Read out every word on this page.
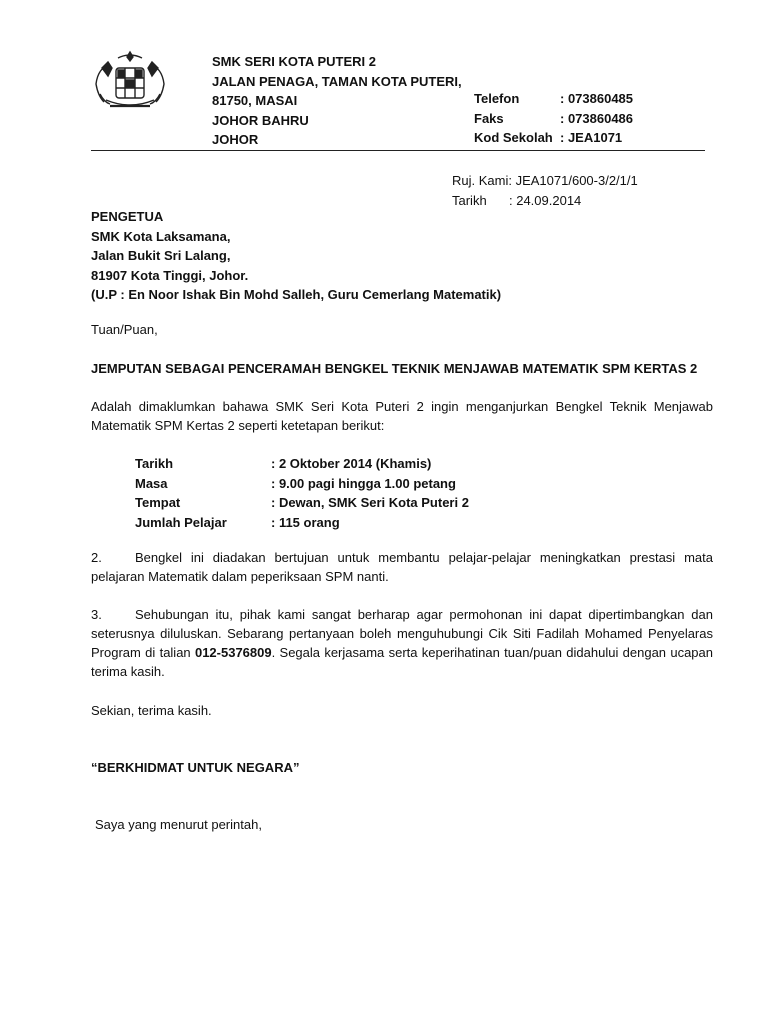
SMK SERI KOTA PUTERI 2
JALAN PENAGA, TAMAN KOTA PUTERI,
81750, MASAI
JOHOR BAHRU
JOHOR
Telefon	: 073860485
Faks	: 073860486
Kod Sekolah : JEA1071
Ruj. Kami: JEA1071/600-3/2/1/1
Tarikh : 24.09.2014
PENGETUA
SMK Kota Laksamana,
Jalan Bukit Sri Lalang,
81907 Kota Tinggi, Johor.
(U.P : En Noor Ishak Bin Mohd Salleh, Guru Cemerlang Matematik)
Tuan/Puan,
JEMPUTAN SEBAGAI PENCERAMAH BENGKEL TEKNIK MENJAWAB MATEMATIK SPM KERTAS 2
Adalah dimaklumkan bahawa SMK Seri Kota Puteri 2 ingin menganjurkan Bengkel Teknik Menjawab Matematik SPM Kertas 2 seperti ketetapan berikut:
Tarikh	: 2 Oktober 2014 (Khamis)
Masa	: 9.00 pagi hingga 1.00 petang
Tempat	: Dewan, SMK Seri Kota Puteri 2
Jumlah Pelajar	: 115 orang
2.	Bengkel ini diadakan bertujuan untuk membantu pelajar-pelajar meningkatkan prestasi mata pelajaran Matematik dalam peperiksaan SPM nanti.
3.	Sehubungan itu, pihak kami sangat berharap agar permohonan ini dapat dipertimbangkan dan seterusnya diluluskan. Sebarang pertanyaan boleh menguhubungi Cik Siti Fadilah Mohamed Penyelaras Program di talian 012-5376809. Segala kerjasama serta keperihatinan tuan/puan didahului dengan ucapan terima kasih.
Sekian, terima kasih.
“BERKHIDMAT UNTUK NEGARA”
Saya yang menurut perintah,
